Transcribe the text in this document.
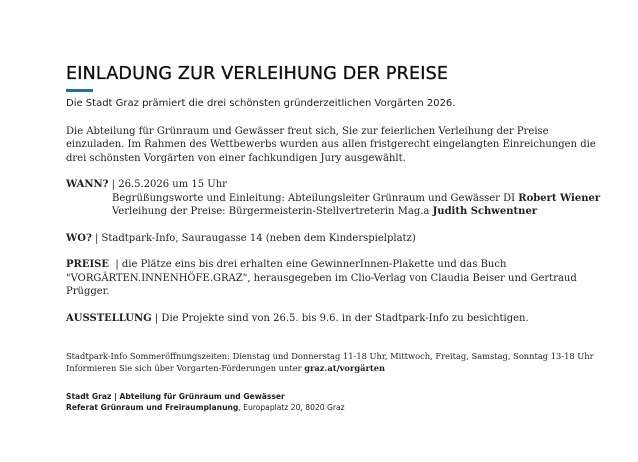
EINLADUNG ZUR VERLEIHUNG DER PREISE
Die Stadt Graz prämiert die drei schönsten gründerzeitlichen Vorgärten 2026.
Die Abteilung für Grünraum und Gewässer freut sich, Sie zur feierlichen Verleihung der Preise einzuladen. Im Rahmen des Wettbewerbs wurden aus allen fristgerecht eingelangten Einreichungen die drei schönsten Vorgärten von einer fachkundigen Jury ausgewählt.
WANN? | 26.5.2026 um 15 Uhr
Begrüßungsworte und Einleitung: Abteilungsleiter Grünraum und Gewässer DI Robert Wiener
Verleihung der Preise: Bürgermeisterin-Stellvertreterin Mag.a Judith Schwentner
WO? | Stadtpark-Info, Sauraugasse 14 (neben dem Kinderspielplatz)
PREISE  | die Plätze eins bis drei erhalten eine GewinnerInnen-Plakette und das Buch "VORGÄRTEN.INNENHÖFE.GRAZ", herausgegeben im Clio-Verlag von Claudia Beiser und Gertraud Prügger.
AUSSTELLUNG | Die Projekte sind von 26.5. bis 9.6. in der Stadtpark-Info zu besichtigen.
Stadtpark-Info Sommeröffnungszeiten: Dienstag und Donnerstag 11-18 Uhr, Mittwoch, Freitag, Samstag, Sonntag 13-18 Uhr
Informieren Sie sich über Vorgarten-Förderungen unter graz.at/vorgärten
Stadt Graz | Abteilung für Grünraum und Gewässer
Referat Grünraum und Freiraumplanung, Europaplatz 20, 8020 Graz
